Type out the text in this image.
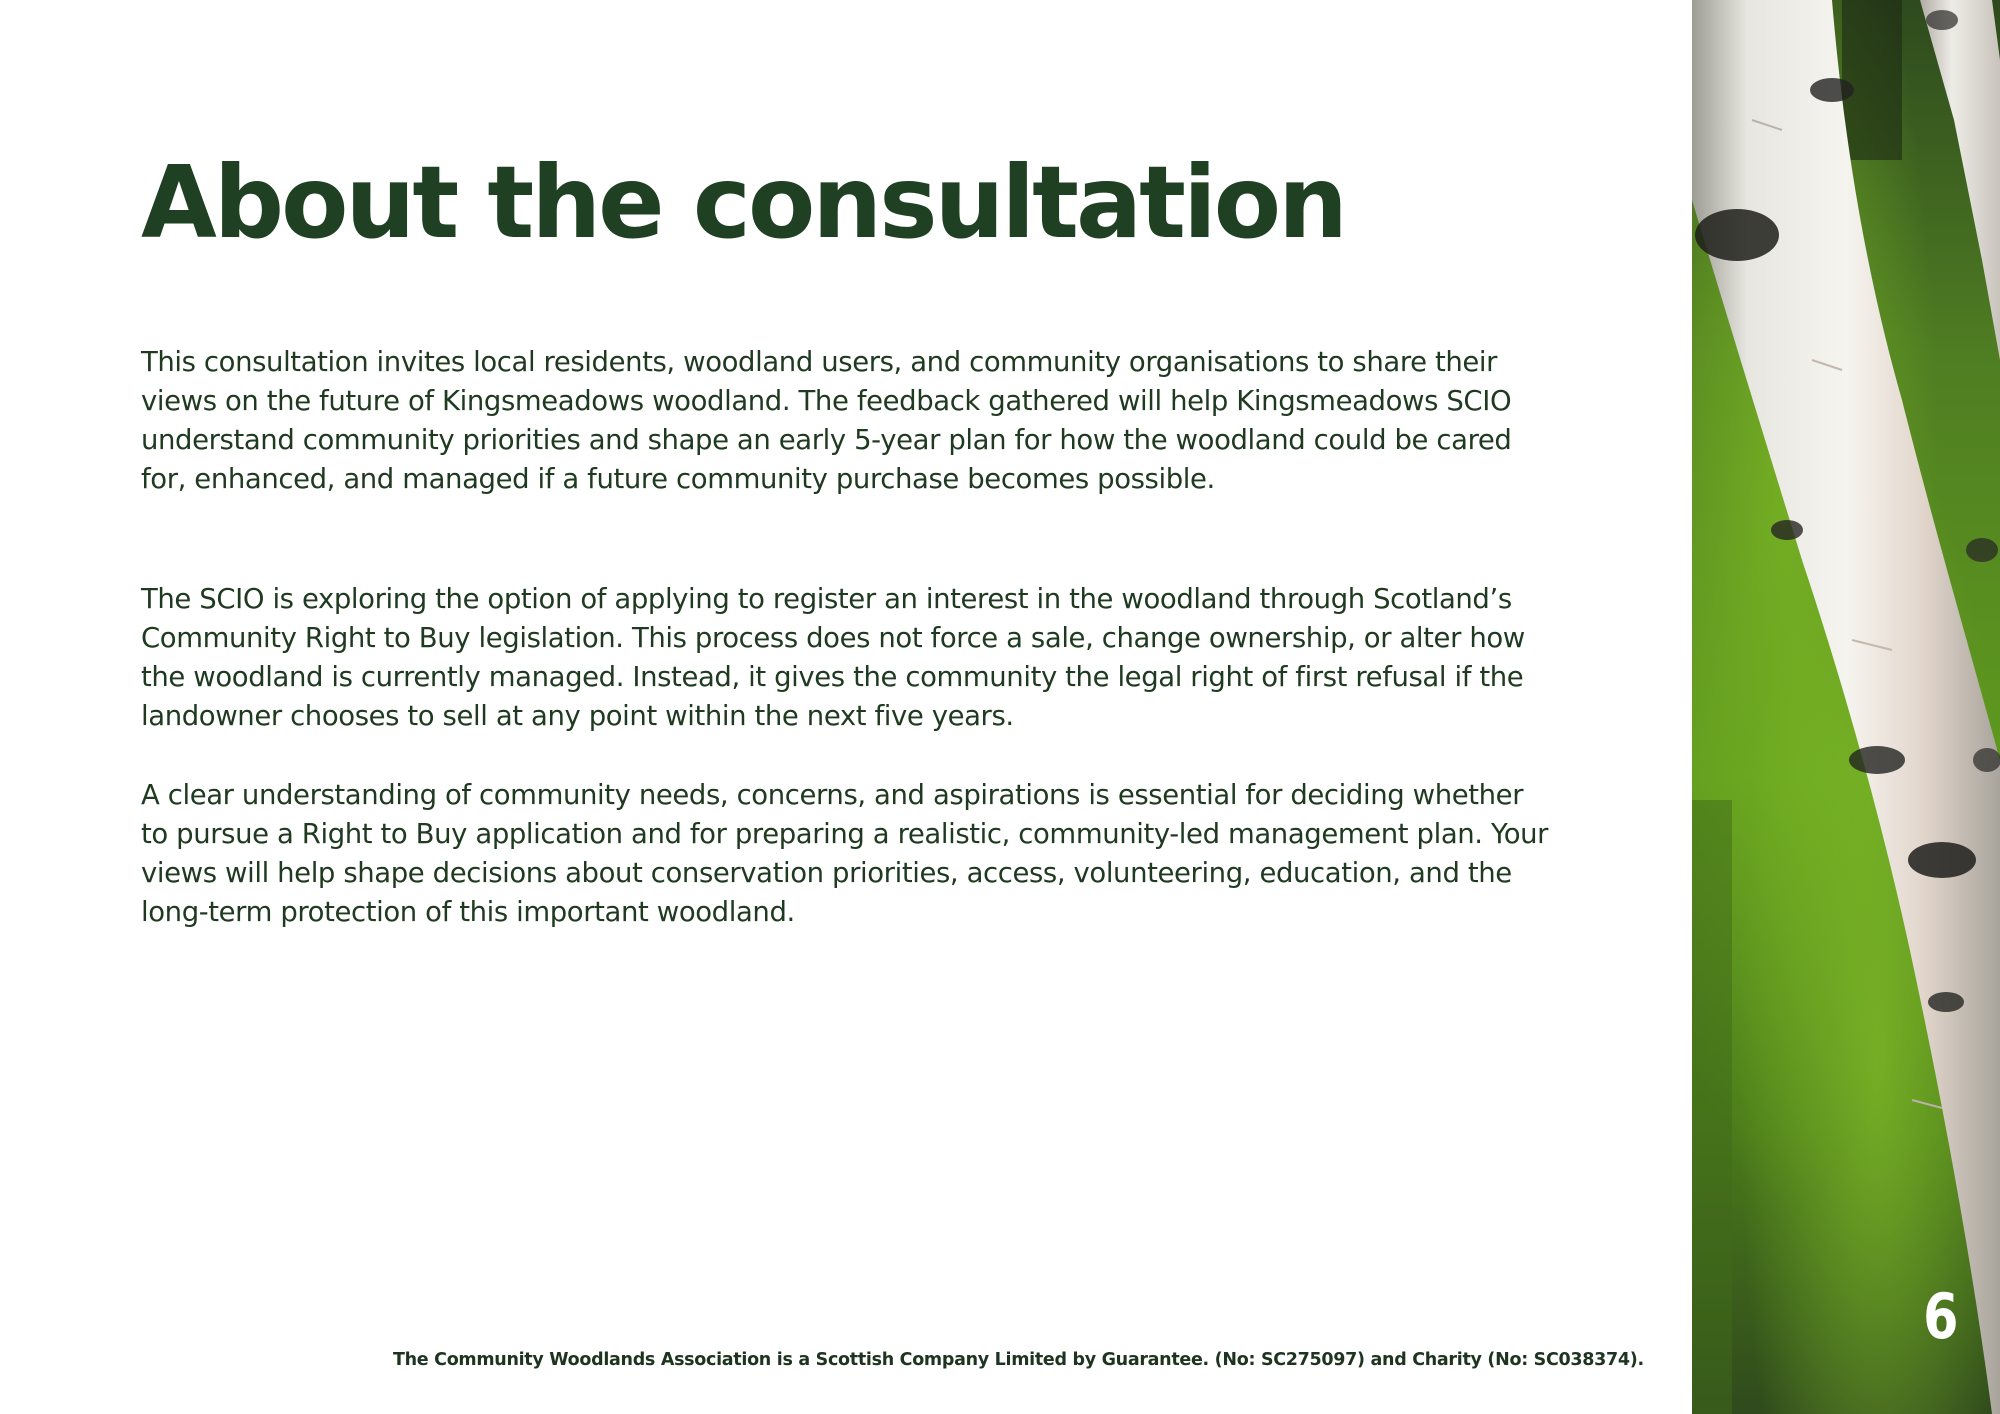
About the consultation

This consultation invites local residents, woodland users, and community organisations to share their views on the future of Kingsmeadows woodland. The feedback gathered will help Kingsmeadows SCIO understand community priorities and shape an early 5-year plan for how the woodland could be cared for, enhanced, and managed if a future community purchase becomes possible.

The SCIO is exploring the option of applying to register an interest in the woodland through Scotland’s Community Right to Buy legislation. This process does not force a sale, change ownership, or alter how the woodland is currently managed. Instead, it gives the community the legal right of first refusal if the landowner chooses to sell at any point within the next five years.

A clear understanding of community needs, concerns, and aspirations is essential for deciding whether to pursue a Right to Buy application and for preparing a realistic, community-led management plan. Your views will help shape decisions about conservation priorities, access, volunteering, education, and the long-term protection of this important woodland.

The Community Woodlands Association is a Scottish Company Limited by Guarantee. (No: SC275097) and Charity (No: SC038374).

6
